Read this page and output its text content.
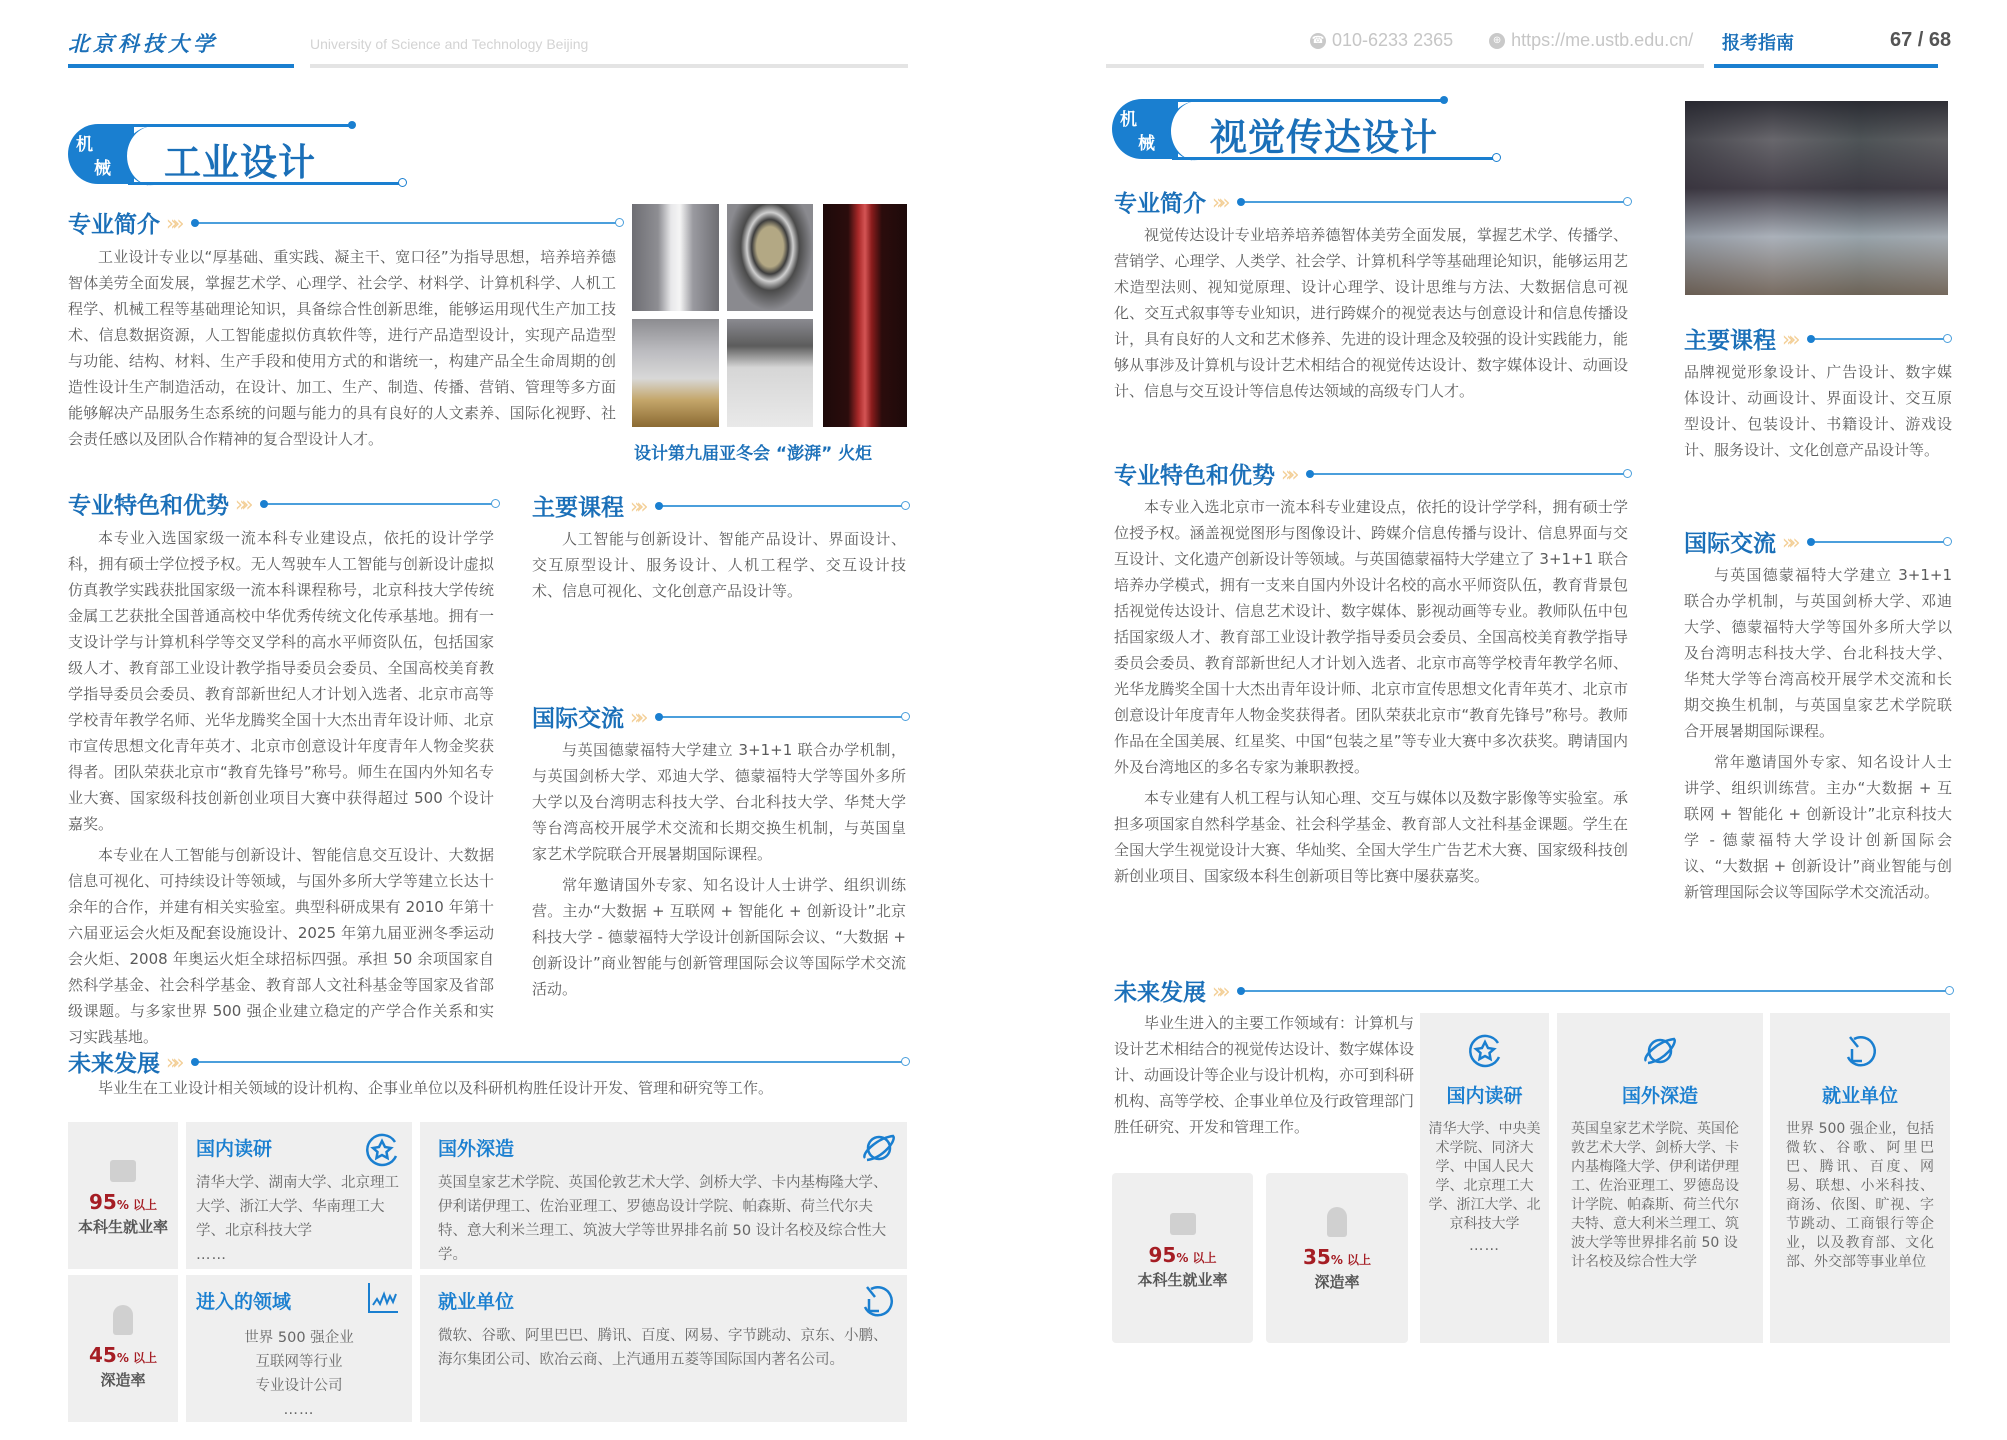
北京科技大学	University of Science and Technology Beijing	☎ 010-6233 2365	⊕ https://me.ustb.edu.cn/ 报考指南	67 / 68
机
械 工业设计
专业简介 »»

工业设计专业以“厚基础、重实践、凝主干、宽口径”为指导思想，培养培养德智体美劳全面发展，掌握艺术学、心理学、社会学、材料学、计算机科学、人机工程学、机械工程等基础理论知识，具备综合性创新思维，能够运用现代生产加工技术、信息数据资源，人工智能虚拟仿真软件等，进行产品造型设计，实现产品造型与功能、结构、材料、生产手段和使用方式的和谐统一，构建产品全生命周期的创造性设计生产制造活动，在设计、加工、生产、制造、传播、营销、管理等多方面能够解决产品服务生态系统的问题与能力的具有良好的人文素养、国际化视野、社会责任感以及团队合作精神的复合型设计人才。

设计第九届亚冬会 “澎湃” 火炬
专业特色和优势 »»

本专业入选国家级一流本科专业建设点，依托的设计学学科，拥有硕士学位授予权。无人驾驶车人工智能与创新设计虚拟仿真教学实践获批国家级一流本科课程称号，北京科技大学传统金属工艺获批全国普通高校中华优秀传统文化传承基地。拥有一支设计学与计算机科学等交叉学科的高水平师资队伍，包括国家级人才、教育部工业设计教学指导委员会委员、全国高校美育教学指导委员会委员、教育部新世纪人才计划入选者、北京市高等学校青年教学名师、光华龙腾奖全国十大杰出青年设计师、北京市宣传思想文化青年英才、北京市创意设计年度青年人物金奖获得者。团队荣获北京市“教育先锋号”称号。师生在国内外知名专业大赛、国家级科技创新创业项目大赛中获得超过 500 个设计嘉奖。

本专业在人工智能与创新设计、智能信息交互设计、大数据信息可视化、可持续设计等领域，与国外多所大学等建立长达十余年的合作，并建有相关实验室。典型科研成果有 2010 年第十六届亚运会火炬及配套设施设计、2025 年第九届亚洲冬季运动会火炬、2008 年奥运火炬全球招标四强。承担 50 余项国家自然科学基金、社会科学基金、教育部人文社科基金等国家及省部级课题。与多家世界 500 强企业建立稳定的产学合作关系和实习实践基地。

主要课程 »»

人工智能与创新设计、智能产品设计、界面设计、交互原型设计、服务设计、人机工程学、交互设计技术、信息可视化、文化创意产品设计等。

国际交流 »»

与英国德蒙福特大学建立 3+1+1 联合办学机制，与英国剑桥大学、邓迪大学、德蒙福特大学等国外多所大学以及台湾明志科技大学、台北科技大学、华梵大学等台湾高校开展学术交流和长期交换生机制，与英国皇家艺术学院联合开展暑期国际课程。

常年邀请国外专家、知名设计人士讲学、组织训练营。主办“大数据 + 互联网 + 智能化 + 创新设计”北京科技大学 - 德蒙福特大学设计创新国际会议、“大数据 + 创新设计”商业智能与创新管理国际会议等国际学术交流活动。

未来发展 »»

毕业生在工业设计相关领域的设计机构、企事业单位以及科研机构胜任设计开发、管理和研究等工作。

95% 以上
本科生就业率
45% 以上
深造率
国内读研
清华大学、湖南大学、北京理工大学、浙江大学、华南理工大学、北京科技大学
……
国外深造
英国皇家艺术学院、英国伦敦艺术大学、剑桥大学、卡内基梅隆大学、伊利诺伊理工、佐治亚理工、罗德岛设计学院、帕森斯、荷兰代尔夫特、意大利米兰理工、筑波大学等世界排名前 50 设计名校及综合性大学。
进入的领域
世界 500 强企业
互联网等行业
专业设计公司
……
就业单位
微软、谷歌、阿里巴巴、腾讯、百度、网易、字节跳动、京东、小鹏、海尔集团公司、欧冶云商、上汽通用五菱等国际国内著名公司。
机
械 视觉传达设计
专业简介 »»

视觉传达设计专业培养培养德智体美劳全面发展，掌握艺术学、传播学、营销学、心理学、人类学、社会学、计算机科学等基础理论知识，能够运用艺术造型法则、视知觉原理、设计心理学、设计思维与方法、大数据信息可视化、交互式叙事等专业知识，进行跨媒介的视觉表达与创意设计和信息传播设计，具有良好的人文和艺术修养、先进的设计理念及较强的设计实践能力，能够从事涉及计算机与设计艺术相结合的视觉传达设计、数字媒体设计、动画设计、信息与交互设计等信息传达领域的高级专门人才。

专业特色和优势 »»

本专业入选北京市一流本科专业建设点，依托的设计学学科，拥有硕士学位授予权。涵盖视觉图形与图像设计、跨媒介信息传播与设计、信息界面与交互设计、文化遗产创新设计等领域。与英国德蒙福特大学建立了 3+1+1 联合培养办学模式，拥有一支来自国内外设计名校的高水平师资队伍，教育背景包括视觉传达设计、信息艺术设计、数字媒体、影视动画等专业。教师队伍中包括国家级人才、教育部工业设计教学指导委员会委员、全国高校美育教学指导委员会委员、教育部新世纪人才计划入选者、北京市高等学校青年教学名师、光华龙腾奖全国十大杰出青年设计师、北京市宣传思想文化青年英才、北京市创意设计年度青年人物金奖获得者。团队荣获北京市“教育先锋号”称号。教师作品在全国美展、红星奖、中国“包装之星”等专业大赛中多次获奖。聘请国内外及台湾地区的多名专家为兼职教授。

本专业建有人机工程与认知心理、交互与媒体以及数字影像等实验室。承担多项国家自然科学基金、社会科学基金、教育部人文社科基金课题。学生在全国大学生视觉设计大赛、华灿奖、全国大学生广告艺术大赛、国家级科技创新创业项目、国家级本科生创新项目等比赛中屡获嘉奖。

主要课程 »»

品牌视觉形象设计、广告设计、数字媒体设计、动画设计、界面设计、交互原型设计、包装设计、书籍设计、游戏设计、服务设计、文化创意产品设计等。

国际交流 »»

与英国德蒙福特大学建立 3+1+1 联合办学机制，与英国剑桥大学、邓迪大学、德蒙福特大学等国外多所大学以及台湾明志科技大学、台北科技大学、华梵大学等台湾高校开展学术交流和长期交换生机制，与英国皇家艺术学院联合开展暑期国际课程。

常年邀请国外专家、知名设计人士讲学、组织训练营。主办“大数据 + 互联网 + 智能化 + 创新设计”北京科技大学 - 德蒙福特大学设计创新国际会议、“大数据 + 创新设计”商业智能与创新管理国际会议等国际学术交流活动。

未来发展 »»

毕业生进入的主要工作领域有：计算机与设计艺术相结合的视觉传达设计、数字媒体设计、动画设计等企业与设计机构，亦可到科研机构、高等学校、企事业单位及行政管理部门胜任研究、开发和管理工作。

95% 以上
本科生就业率
35% 以上
深造率
国内读研
清华大学、中央美术学院、同济大学、中国人民大学、北京理工大学、浙江大学、北京科技大学
……
国外深造
英国皇家艺术学院、英国伦敦艺术大学、剑桥大学、卡内基梅隆大学、伊利诺伊理工、佐治亚理工、罗德岛设计学院、帕森斯、荷兰代尔夫特、意大利米兰理工、筑波大学等世界排名前 50 设计名校及综合性大学
就业单位
世界 500 强企业，包括微软、谷歌、阿里巴巴、腾讯、百度、网易、联想、小米科技、商汤、依图、旷视、字节跳动、工商银行等企业，以及教育部、文化部、外交部等事业单位
